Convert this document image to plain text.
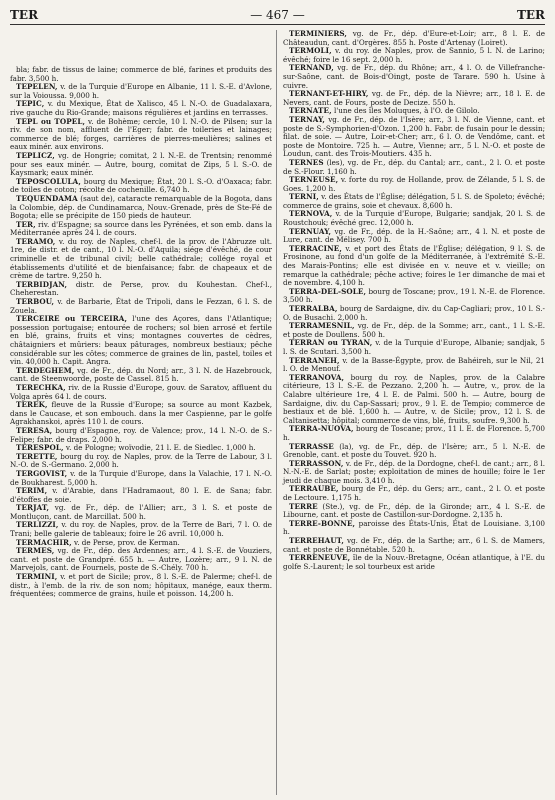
TER	— 467 —	TER

bla; fabr. de tissus de laine; commerce de blé, farines et produits des fabr. 3,500 h.

TEPELEN, v. de la Turquie d'Europe en Albanie, 11 l. S.-E. d'Avlone, sur la Voioussa. 9,000 h.

TEPIC, v. du Mexique, État de Xalisco, 45 l. N.-O. de Guadalaxara, rive gauche du Rio-Grande; maisons régulières et jardins en terrasses.

TEPL ou TOPEL, v. de Bohème; cercle, 10 l. N.-O. de Pilsen; sur la riv. de son nom, affluent de l'Eger; fabr. de toileries et lainages; commerce de blé; forges, carrières de pierres-meulières; salines et eaux minér. aux environs.

TEPLICZ, vg. de Hongrie; comitat, 2 l. N.-E. de Trentsin; renommé pour ses eaux minér. — Autre, bourg, comitat de Zips, 5 l. S.-O. de Kaysmark; eaux minér.

TEPOSCOLULA, bourg du Mexique; État, 20 l. S.-O. d'Oaxaca; fabr. de toiles de coton; récolte de cochenille. 6,740 h.

TEQUENDAMA (saut de), cataracte remarquable de la Bogota, dans la Colombie, dép. de Cundinamarca, Nouv.-Grenade, près de Ste-Fé de Bogota; elle se précipite de 150 pieds de hauteur.

TER, riv. d'Espagne; sa source dans les Pyrénées, et son emb. dans la Méditerranée après 24 l. de cours.

TERAMO, v. du roy. de Naples, chef-l. de la prov. de l'Abruzze ult. 1re, de distr. et de cant., 10 l. N.-O. d'Aquila; siége d'évêché, de cour criminelle et de tribunal civil; belle cathédrale; collége royal et établissements d'utilité et de bienfaisance; fabr. de chapeaux et de crème de tartre. 9,250 h.

TERBIDJAN, distr. de Perse, prov. du Kouhestan. Chef-l., Cheherestan.

TERBOU, v. de Barbarie, État de Tripoli, dans le Fezzan, 6 l. S. de Zouela.

TERCEIRE ou TERCEIRA, l'une des Açores, dans l'Atlantique; possession portugaise; entourée de rochers; sol bien arrosé et fertile en blé, grains, fruits et vins; montagnes couvertes de cèdres, châtaigniers et mûriers: beaux pâturages, nombreux bestiaux; pêche considérable sur les côtes; commerce de graines de lin, pastel, toiles et vin. 40,000 h. Capit. Angra.

TERDEGHEM, vg. de Fr., dép. du Nord; arr., 3 l. N. de Hazebrouck, cant. de Steenwoorde, poste de Cassel. 815 h.

TERECHKA, riv. de la Russie d'Europe, gouv. de Saratov, affluent du Volga après 64 l. de cours.

TEREK, fleuve de la Russie d'Europe; sa source au mont Kazbek, dans le Caucase, et son embouch. dans la mer Caspienne, par le golfe Agrakhanskoi, après 110 l. de cours.

TERESA, bourg d'Espagne, roy. de Valence; prov., 14 l. N.-O. de S.-Felipe; fabr. de draps. 2,000 h.

TERESPOL, v. de Pologne; woïvodie, 21 l. E. de Siedlec. 1,000 h.

TERETTE, bourg du roy. de Naples, prov. de la Terre de Labour, 3 l. N.-O. de S.-Germano. 2,000 h.

TERGOVIST, v. de la Turquie d'Europe, dans la Valachie, 17 l. N.-O. de Boukharest. 5,000 h.

TERIM, v. d'Arabie, dans l'Hadramaout, 80 l. E. de Sana; fabr. d'étoffes de soie.

TERJAT, vg. de Fr., dép. de l'Allier; arr., 3 l. S. et poste de Montluçon, cant. de Marcillat. 500 h.

TERLIZZI, v. du roy. de Naples, prov. de la Terre de Bari, 7 l. O. de Trani; belle galerie de tableaux; foire le 26 avril. 10,000 h.

TERMACHIR, v. de Perse, prov. de Kerman.

TERMES, vg. de Fr., dép. des Ardennes; arr., 4 l. S.-E. de Vouziers, cant. et poste de Grandpré. 655 h. — Autre, Lozère; arr., 9 l. N. de Marvejols, cant. de Fournels, poste de S.-Chély. 700 h.

TERMINI, v. et port de Sicile; prov., 8 l. S.-E. de Palerme; chef-l. de distr., à l'emb. de la riv. de son nom; hôpitaux, manége, eaux therm. fréquentées; commerce de grains, huile et poisson. 14,200 h.

TERMINIERS, vg. de Fr., dép. d'Eure-et-Loir; arr., 8 l. E. de Châteaudun, cant. d'Orgères. 855 h. Poste d'Artenay (Loiret).

TERMOLI, v. du roy. de Naples, prov. de Sannio, 5 l. N. de Larino; évêché; foire le 16 sept. 2,000 h.

TERNAND, vg. de Fr., dép. du Rhône; arr., 4 l. O. de Villefranche-sur-Saône, cant. de Bois-d'Oingt, poste de Tarare. 590 h. Usine à cuivre.

TERNANT-ET-HIRY, vg. de Fr., dép. de la Nièvre; arr., 18 l. E. de Nevers, cant. de Fours, poste de Decize. 550 h.

TERNATE, l'une des îles Moluques, à l'O. de Gilolo.

TERNAY, vg. de Fr., dép. de l'Isère; arr., 3 l. N. de Vienne, cant. et poste de S.-Symphorien-d'Ozon. 1,200 h. Fabr. de fusain pour le dessin; filat. de soie. — Autre, Loir-et-Cher; arr., 6 l. O. de Vendôme, cant. et poste de Montoire. 725 h. — Autre, Vienne; arr., 5 l. N.-O. et poste de Loudun, cant. des Trois-Moutiers. 435 h.

TERNES (les), vg. de Fr., dép. du Cantal; arr., cant., 2 l. O. et poste de S.-Flour. 1,160 h.

TERNEUSE, v. forte du roy. de Hollande, prov. de Zélande, 5 l. S. de Goes. 1,200 h.

TERNI, v. des États de l'Église; délégation, 5 l. S. de Spoleto; évêché; commerce de grains, soie et chevaux. 8,600 h.

TERNOVA, v. de la Turquie d'Europe, Bulgarie; sandjak, 20 l. S. de Roustchouk; évêché grec. 12,000 h.

TERNUAY, vg. de Fr., dép. de la H.-Saône; arr., 4 l. N. et poste de Lure, cant. de Mélisey. 700 h.

TERRACINE, v. et port des États de l'Église; délégation, 9 l. S. de Frosinone, au fond d'un golfe de la Méditerranée, à l'extrémité S.-E. des Marais-Pontins; elle est divisée en v. neuve et v. vieille; on remarque la cathédrale; pêche active; foires le 1er dimanche de mai et de novembre. 4,100 h.

TERRA-DEL-SOLE, bourg de Toscane; prov., 19 l. N.-E. de Florence. 3,500 h.

TERRALBA, bourg de Sardaigne, div. du Cap-Cagliari; prov., 10 l. S.-O. de Busachi. 2,000 h.

TERRAMESNIL, vg. de Fr., dép. de la Somme; arr., cant., 1 l. S.-E. et poste de Doullens. 500 h.

TERRAN ou TYRAN, v. de la Turquie d'Europe, Albanie; sandjak, 5 l. S. de Scutari. 3,500 h.

TERRANEH, v. de la Basse-Égypte, prov. de Bahéireh, sur le Nil, 21 l. O. de Menouf.

TERRANOVA, bourg du roy. de Naples, prov. de la Calabre citérieure, 13 l. S.-E. de Pezzano. 2,200 h. — Autre, v., prov. de la Calabre ultérieure 1re, 4 l. E. de Palmi. 500 h. — Autre, bourg de Sardaigne, div. du Cap-Sassari; prov., 9 l. E. de Tempio; commerce de bestiaux et de blé. 1,600 h. — Autre, v. de Sicile; prov., 12 l. S. de Caltanisetta; hôpital; commerce de vins, blé, fruits, soufre. 9,300 h.

TERRA-NUOVA, bourg de Toscane; prov., 11 l. E. de Florence. 5,700 h.

TERRASSE (la), vg. de Fr., dép. de l'Isère; arr., 5 l. N.-E. de Grenoble, cant. et poste du Touvet. 920 h.

TERRASSON, v. de Fr., dép. de la Dordogne, chef-l. de cant.; arr., 8 l. N.-N.-E. de Sarlat; poste; exploitation de mines de houille; foire le 1er jeudi de chaque mois. 3,410 h.

TERRAUBE, bourg de Fr., dép. du Gers; arr., cant., 2 l. O. et poste de Lectoure. 1,175 h.

TERRE (Ste.), vg. de Fr., dép. de la Gironde; arr., 4 l. S.-E. de Libourne, cant. et poste de Castillon-sur-Dordogne. 2,135 h.

TERRE-BONNE, paroisse des États-Unis, État de Louisiane. 3,100 h.

TERREHAUT, vg. de Fr., dép. de la Sarthe; arr., 6 l. S. de Mamers, cant. et poste de Bonnétable. 520 h.

TERRENEUVE, île de la Nouv.-Bretagne, Océan atlantique, à l'E. du golfe S.-Laurent; le sol tourbeux est aride
